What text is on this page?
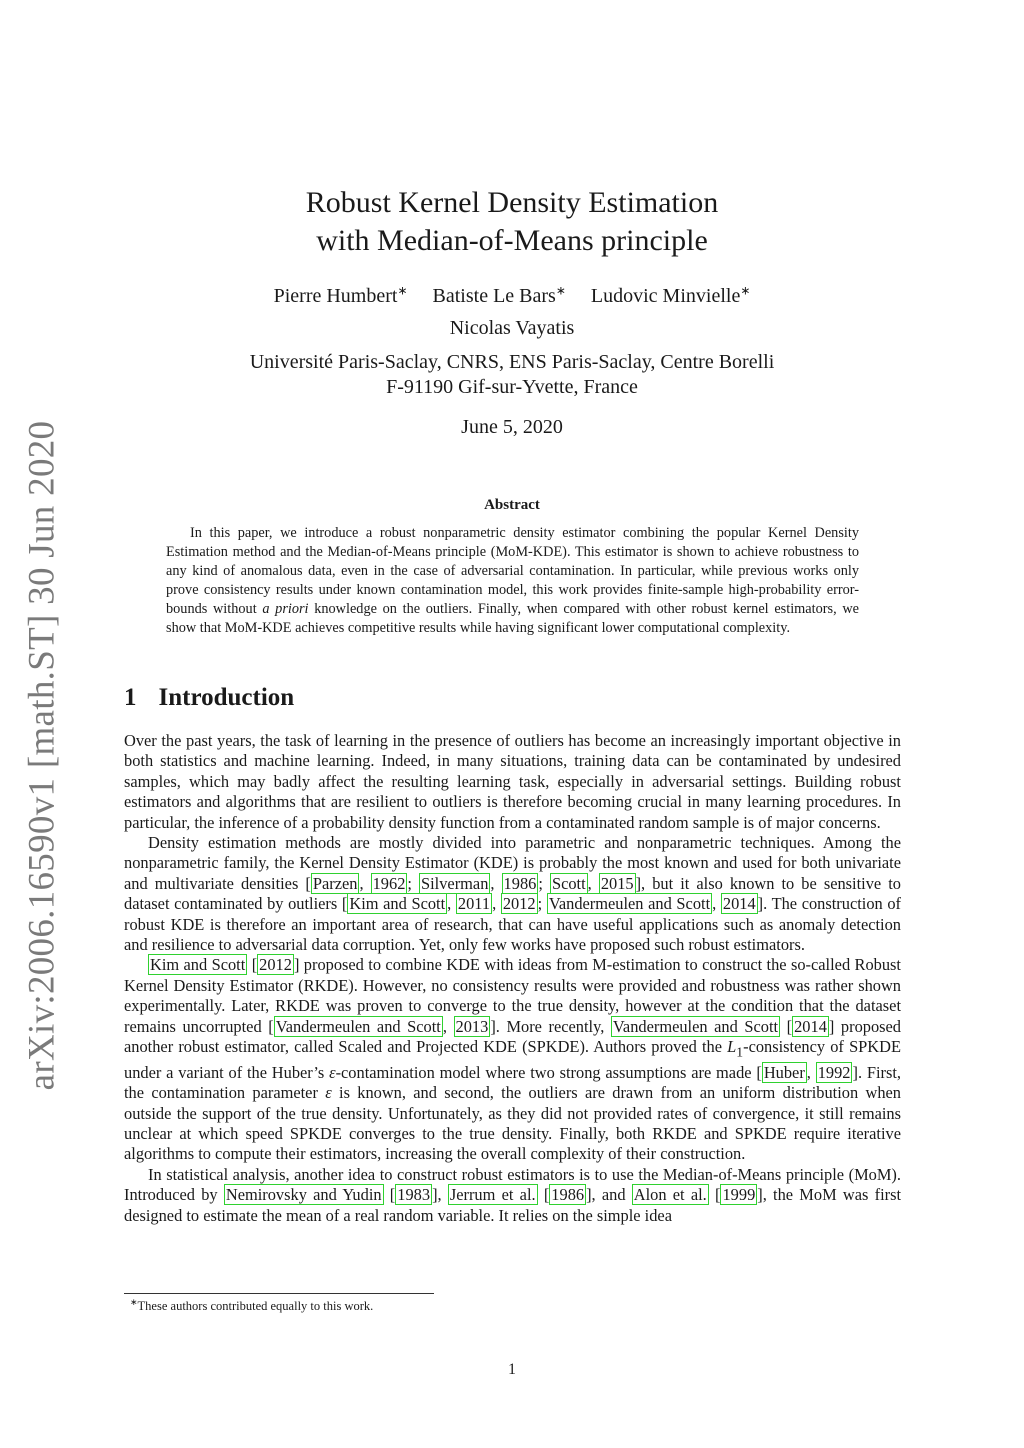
arXiv:2006.16590v1 [math.ST] 30 Jun 2020
Robust Kernel Density Estimation
with Median-of-Means principle
Pierre Humbert∗ Batiste Le Bars∗ Ludovic Minvielle∗
Nicolas Vayatis
Université Paris-Saclay, CNRS, ENS Paris-Saclay, Centre Borelli
F-91190 Gif-sur-Yvette, France
June 5, 2020
Abstract
In this paper, we introduce a robust nonparametric density estimator combining the popular Kernel Density Estimation method and the Median-of-Means principle (MoM-KDE). This estimator is shown to achieve robustness to any kind of anomalous data, even in the case of adversarial contamination. In particular, while previous works only prove consistency results under known contamination model, this work provides finite-sample high-probability error-bounds without a priori knowledge on the outliers. Finally, when compared with other robust kernel estimators, we show that MoM-KDE achieves competitive results while having significant lower computational complexity.
1 Introduction

Over the past years, the task of learning in the presence of outliers has become an increasingly important objective in both statistics and machine learning. Indeed, in many situations, training data can be contaminated by undesired samples, which may badly affect the resulting learning task, especially in adversarial settings. Building robust estimators and algorithms that are resilient to outliers is therefore becoming crucial in many learning procedures. In particular, the inference of a probability density function from a contaminated random sample is of major concerns.

Density estimation methods are mostly divided into parametric and nonparametric techniques. Among the nonparametric family, the Kernel Density Estimator (KDE) is probably the most known and used for both univariate and multivariate densities [ Parzen , 1962 ; Silverman , 1986 ; Scott , 2015 ], but it also known to be sensitive to dataset contaminated by outliers [ Kim and Scott , 2011 , 2012 ; Vandermeulen and Scott , 2014 ]. The construction of robust KDE is therefore an important area of research, that can have useful applications such as anomaly detection and resilience to adversarial data corruption. Yet, only few works have proposed such robust estimators.

Kim and Scott [ 2012 ] proposed to combine KDE with ideas from M-estimation to construct the so-called Robust Kernel Density Estimator (RKDE). However, no consistency results were provided and robustness was rather shown experimentally. Later, RKDE was proven to converge to the true density, however at the condition that the dataset remains uncorrupted [ Vandermeulen and Scott , 2013 ]. More recently, Vandermeulen and Scott [ 2014 ] proposed another robust estimator, called Scaled and Projected KDE (SPKDE). Authors proved the $L_1$-consistency of SPKDE under a variant of the Huber’s ε-contamination model where two strong assumptions are made [ Huber , 1992 ]. First, the contamination parameter ε is known, and second, the outliers are drawn from an uniform distribution when outside the support of the true density. Unfortunately, as they did not provided rates of convergence, it still remains unclear at which speed SPKDE converges to the true density. Finally, both RKDE and SPKDE require iterative algorithms to compute their estimators, increasing the overall complexity of their construction.

In statistical analysis, another idea to construct robust estimators is to use the Median-of-Means principle (MoM). Introduced by Nemirovsky and Yudin [ 1983 ], Jerrum et al. [ 1986 ], and Alon et al. [ 1999 ], the MoM was first designed to estimate the mean of a real random variable. It relies on the simple idea

∗These authors contributed equally to this work.
1
